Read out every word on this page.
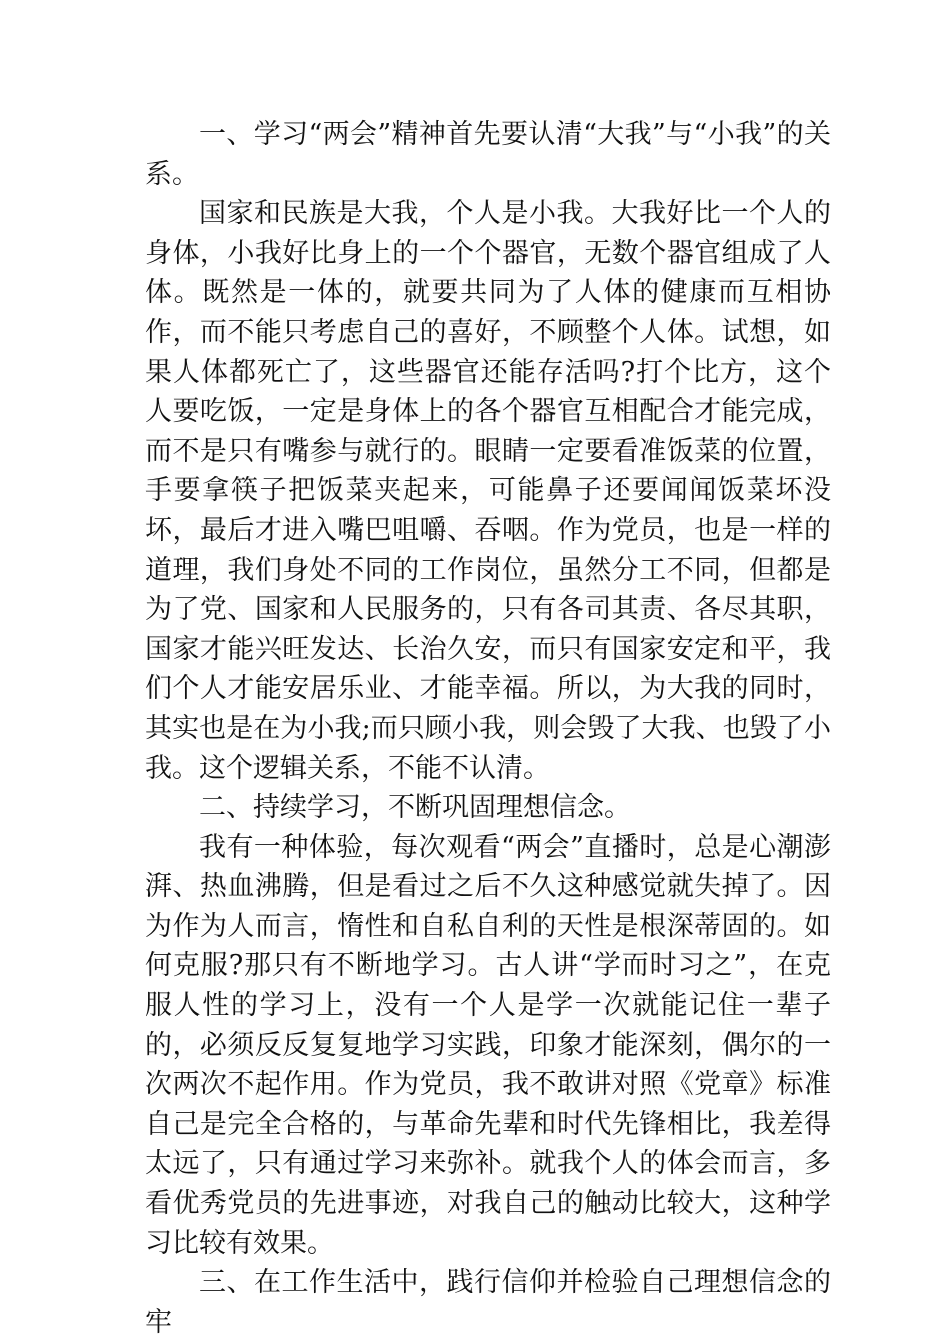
一、学习“两会”精神首先要认清“大我”与“小我”的关系。

国家和民族是大我，个人是小我。大我好比一个人的身体，小我好比身上的一个个器官，无数个器官组成了人体。既然是一体的，就要共同为了人体的健康而互相协作，而不能只考虑自己的喜好，不顾整个人体。试想，如果人体都死亡了，这些器官还能存活吗?打个比方，这个人要吃饭，一定是身体上的各个器官互相配合才能完成，而不是只有嘴参与就行的。眼睛一定要看准饭菜的位置，手要拿筷子把饭菜夹起来，可能鼻子还要闻闻饭菜坏没坏，最后才进入嘴巴咀嚼、吞咽。作为党员，也是一样的道理，我们身处不同的工作岗位，虽然分工不同，但都是为了党、国家和人民服务的，只有各司其责、各尽其职，国家才能兴旺发达、长治久安，而只有国家安定和平，我们个人才能安居乐业、才能幸福。所以，为大我的同时，其实也是在为小我;而只顾小我，则会毁了大我、也毁了小我。这个逻辑关系，不能不认清。

二、持续学习，不断巩固理想信念。

我有一种体验，每次观看“两会”直播时，总是心潮澎湃、热血沸腾，但是看过之后不久这种感觉就失掉了。因为作为人而言，惰性和自私自利的天性是根深蒂固的。如何克服?那只有不断地学习。古人讲“学而时习之”，在克服人性的学习上，没有一个人是学一次就能记住一辈子的，必须反反复复地学习实践，印象才能深刻，偶尔的一次两次不起作用。作为党员，我不敢讲对照《党章》标准自己是完全合格的，与革命先辈和时代先锋相比，我差得太远了，只有通过学习来弥补。就我个人的体会而言，多看优秀党员的先进事迹，对我自己的触动比较大，这种学习比较有效果。

三、在工作生活中，践行信仰并检验自己理想信念的牢
